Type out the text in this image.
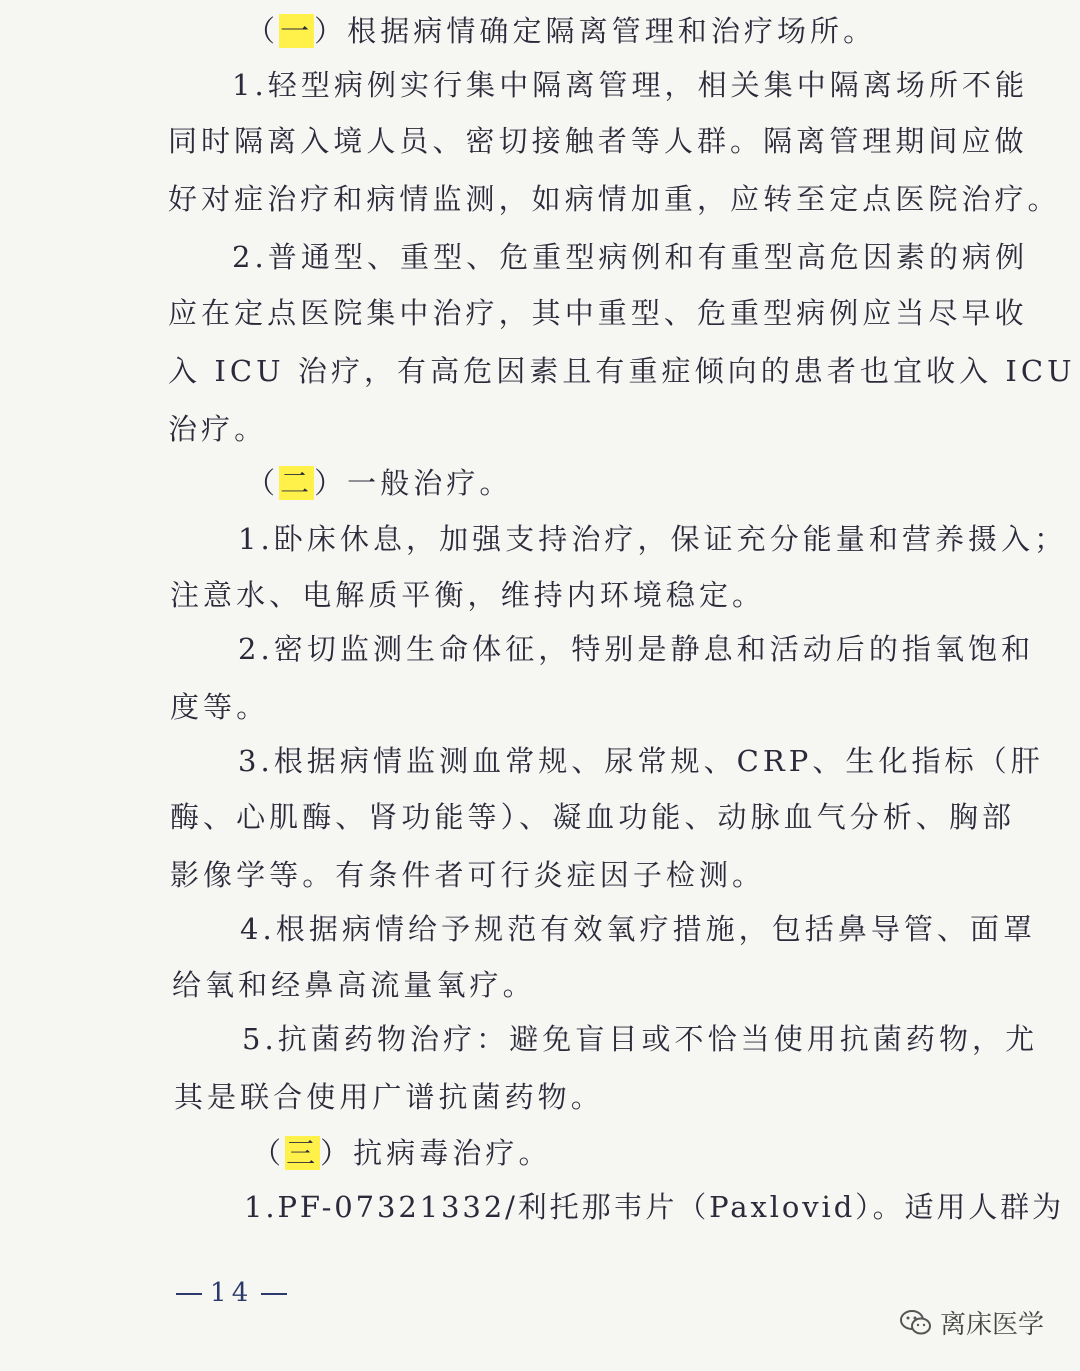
（一）根据病情确定隔离管理和治疗场所。
1.轻型病例实行集中隔离管理，相关集中隔离场所不能
同时隔离入境人员、密切接触者等人群。隔离管理期间应做
好对症治疗和病情监测，如病情加重，应转至定点医院治疗。
2.普通型、重型、危重型病例和有重型高危因素的病例
应在定点医院集中治疗，其中重型、危重型病例应当尽早收
入 ICU 治疗，有高危因素且有重症倾向的患者也宜收入 ICU
治疗。
（二）一般治疗。
1.卧床休息，加强支持治疗，保证充分能量和营养摄入；
注意水、电解质平衡，维持内环境稳定。
2.密切监测生命体征，特别是静息和活动后的指氧饱和
度等。
3.根据病情监测血常规、尿常规、CRP、生化指标（肝
酶、心肌酶、肾功能等）、凝血功能、动脉血气分析、胸部
影像学等。有条件者可行炎症因子检测。
4.根据病情给予规范有效氧疗措施，包括鼻导管、面罩
给氧和经鼻高流量氧疗。
5.抗菌药物治疗：避免盲目或不恰当使用抗菌药物，尤
其是联合使用广谱抗菌药物。
（三）抗病毒治疗。
1.PF-07321332/利托那韦片（Paxlovid）。适用人群为
14
离床医学
